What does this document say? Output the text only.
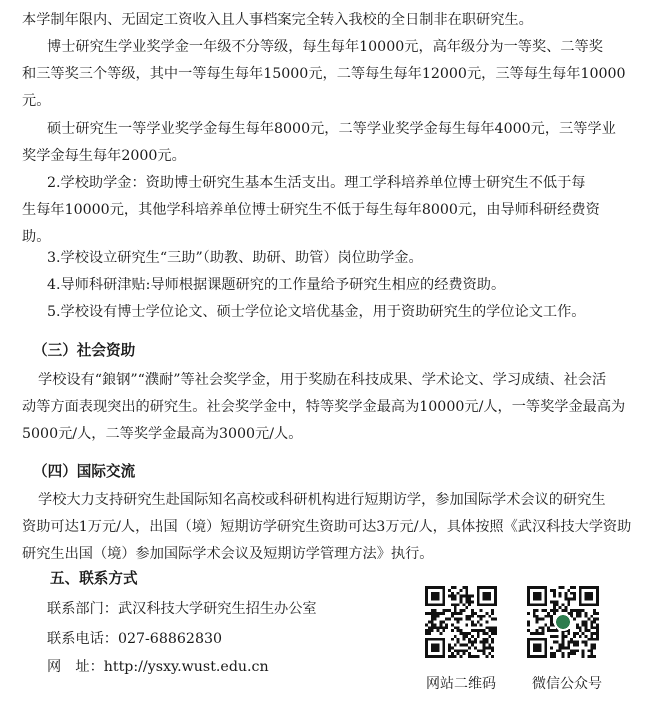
本学制年限内、无固定工资收入且人事档案完全转入我校的全日制非在职研究生。
博士研究生学业奖学金一年级不分等级，每生每年10000元，高年级分为一等奖、二等奖
和三等奖三个等级，其中一等每生每年15000元，二等每生每年12000元，三等每生每年10000
元。
硕士研究生一等学业奖学金每生每年8000元，二等学业奖学金每生每年4000元，三等学业
奖学金每生每年2000元。
2.学校助学金：资助博士研究生基本生活支出。理工学科培养单位博士研究生不低于每
生每年10000元，其他学科培养单位博士研究生不低于每生每年8000元，由导师科研经费资
助。
3.学校设立研究生“三助”（助教、助研、助管）岗位助学金。
4.导师科研津贴:导师根据课题研究的工作量给予研究生相应的经费资助。
5.学校设有博士学位论文、硕士学位论文培优基金，用于资助研究生的学位论文工作。
（三）社会资助
学校设有“鋃钢”“濮耐”等社会奖学金，用于奖励在科技成果、学术论文、学习成绩、社会活
动等方面表现突出的研究生。社会奖学金中，特等奖学金最高为10000元/人，一等奖学金最高为
5000元/人，二等奖学金最高为3000元/人。
（四）国际交流
学校大力支持研究生赴国际知名高校或科研机构进行短期访学，参加国际学术会议的研究生
资助可达1万元/人，出国（境）短期访学研究生资助可达3万元/人，具体按照《武汉科技大学资助
研究生出国（境）参加国际学术会议及短期访学管理方法》执行。
五、联系方式
联系部门：武汉科技大学研究生招生办公室
联系电话：027-68862830
网　址：http://ysxy.wust.edu.cn
网站二维码	微信公众号
